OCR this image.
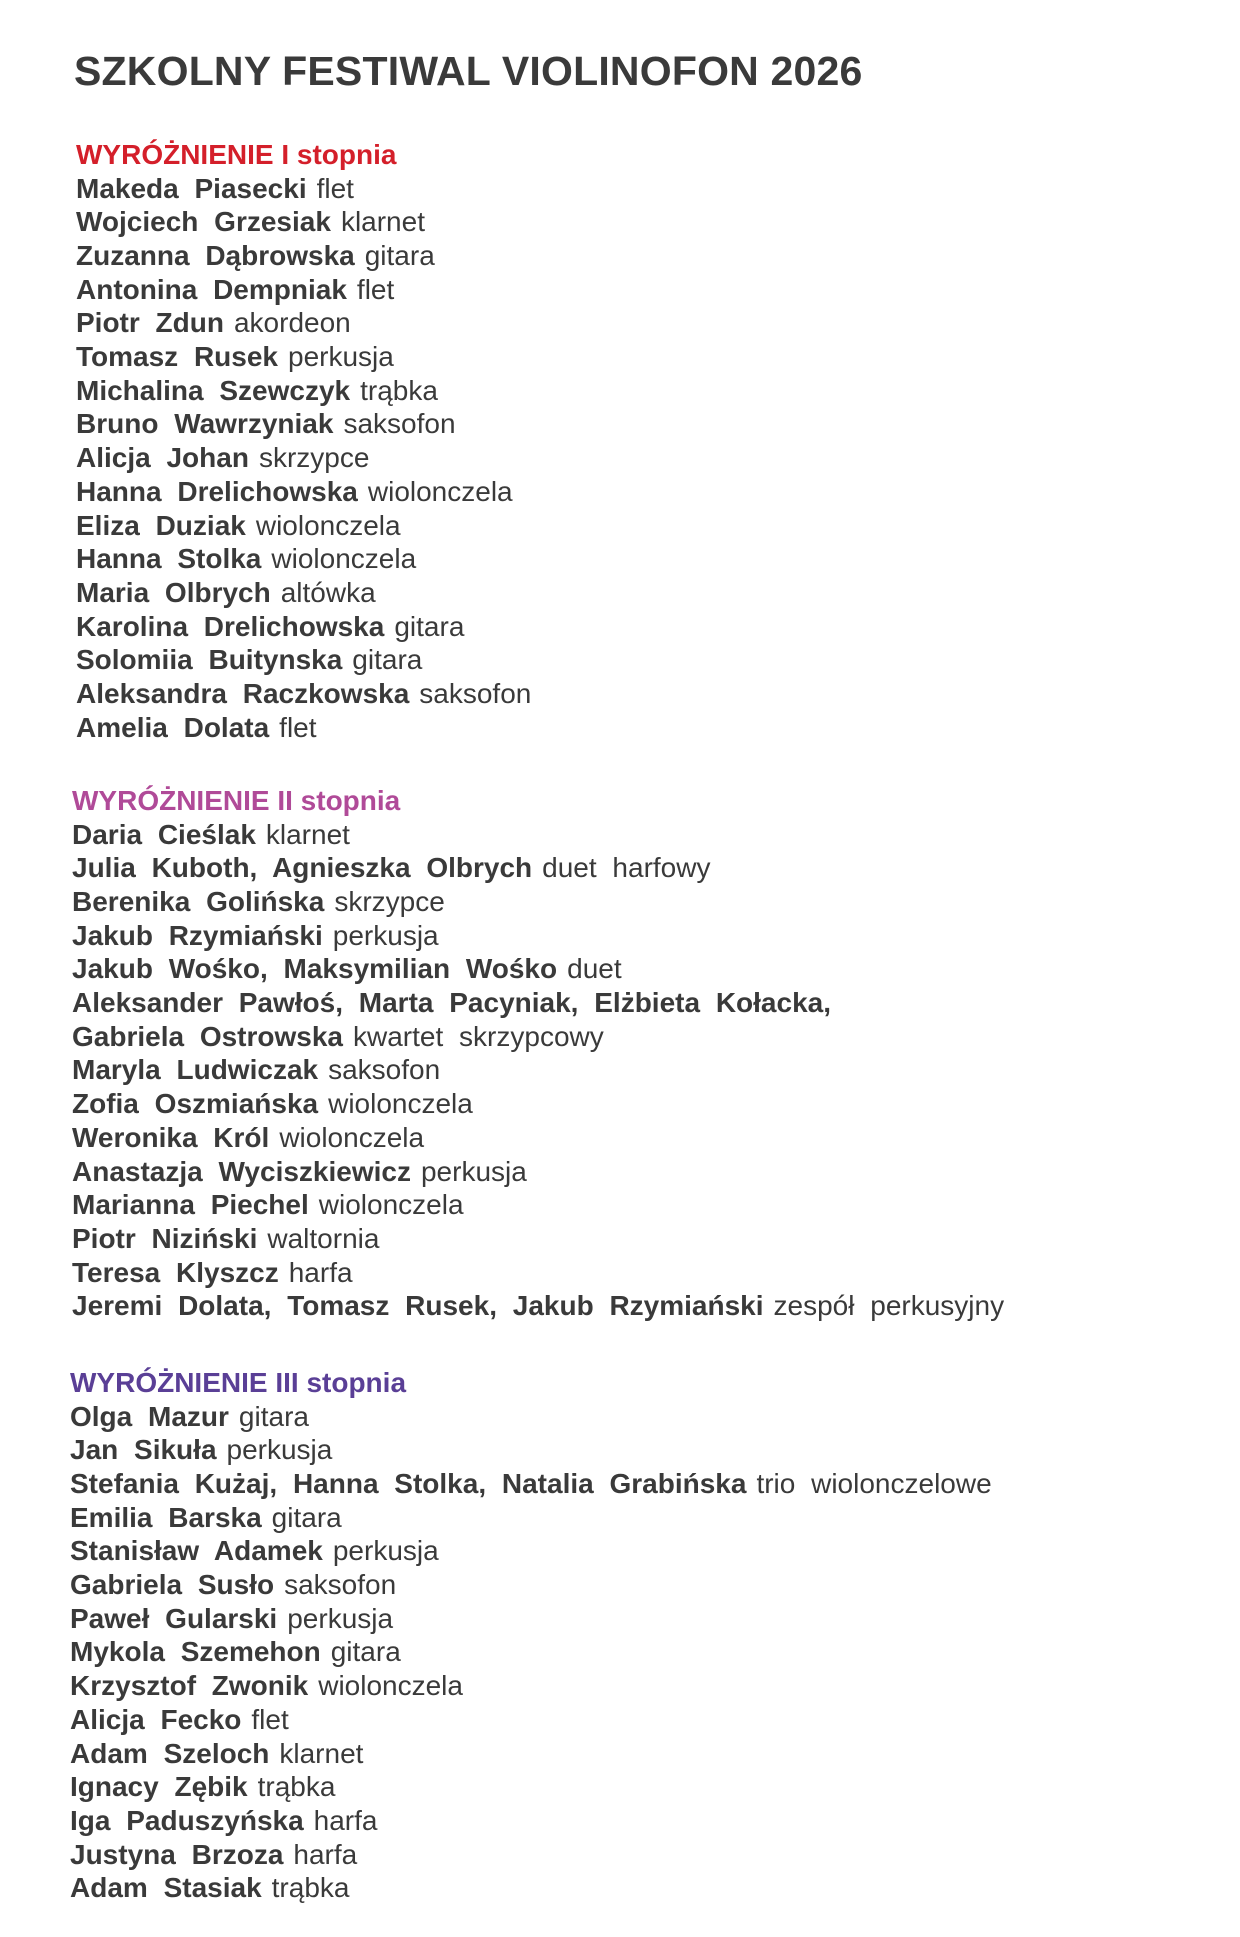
SZKOLNY FESTIWAL VIOLINOFON 2026
WYRÓŻNIENIE I stopnia
Makeda Piasecki flet
Wojciech Grzesiak klarnet
Zuzanna Dąbrowska gitara
Antonina Dempniak flet
Piotr Zdun akordeon
Tomasz Rusek perkusja
Michalina Szewczyk trąbka
Bruno Wawrzyniak saksofon
Alicja Johan skrzypce
Hanna Drelichowska wiolonczela
Eliza Duziak wiolonczela
Hanna Stolka wiolonczela
Maria Olbrych altówka
Karolina Drelichowska gitara
Solomiia Buitynska gitara
Aleksandra Raczkowska saksofon
Amelia Dolata flet
WYRÓŻNIENIE II stopnia
Daria Cieślak klarnet
Julia Kuboth, Agnieszka Olbrych duet harfowy
Berenika Golińska skrzypce
Jakub Rzymiański perkusja
Jakub Wośko, Maksymilian Wośko duet
Aleksander Pawłoś, Marta Pacyniak, Elżbieta Kołacka,
Gabriela Ostrowska kwartet skrzypcowy
Maryla Ludwiczak saksofon
Zofia Oszmiańska wiolonczela
Weronika Król wiolonczela
Anastazja Wyciszkiewicz perkusja
Marianna Piechel wiolonczela
Piotr Niziński waltornia
Teresa Klyszcz harfa
Jeremi Dolata, Tomasz Rusek, Jakub Rzymiański zespół perkusyjny
WYRÓŻNIENIE III stopnia
Olga Mazur gitara
Jan Sikuła perkusja
Stefania Kużaj, Hanna Stolka, Natalia Grabińska trio wiolonczelowe
Emilia Barska gitara
Stanisław Adamek perkusja
Gabriela Susło saksofon
Paweł Gularski perkusja
Mykola Szemehon gitara
Krzysztof Zwonik wiolonczela
Alicja Fecko flet
Adam Szeloch klarnet
Ignacy Zębik trąbka
Iga Paduszyńska harfa
Justyna Brzoza harfa
Adam Stasiak trąbka
